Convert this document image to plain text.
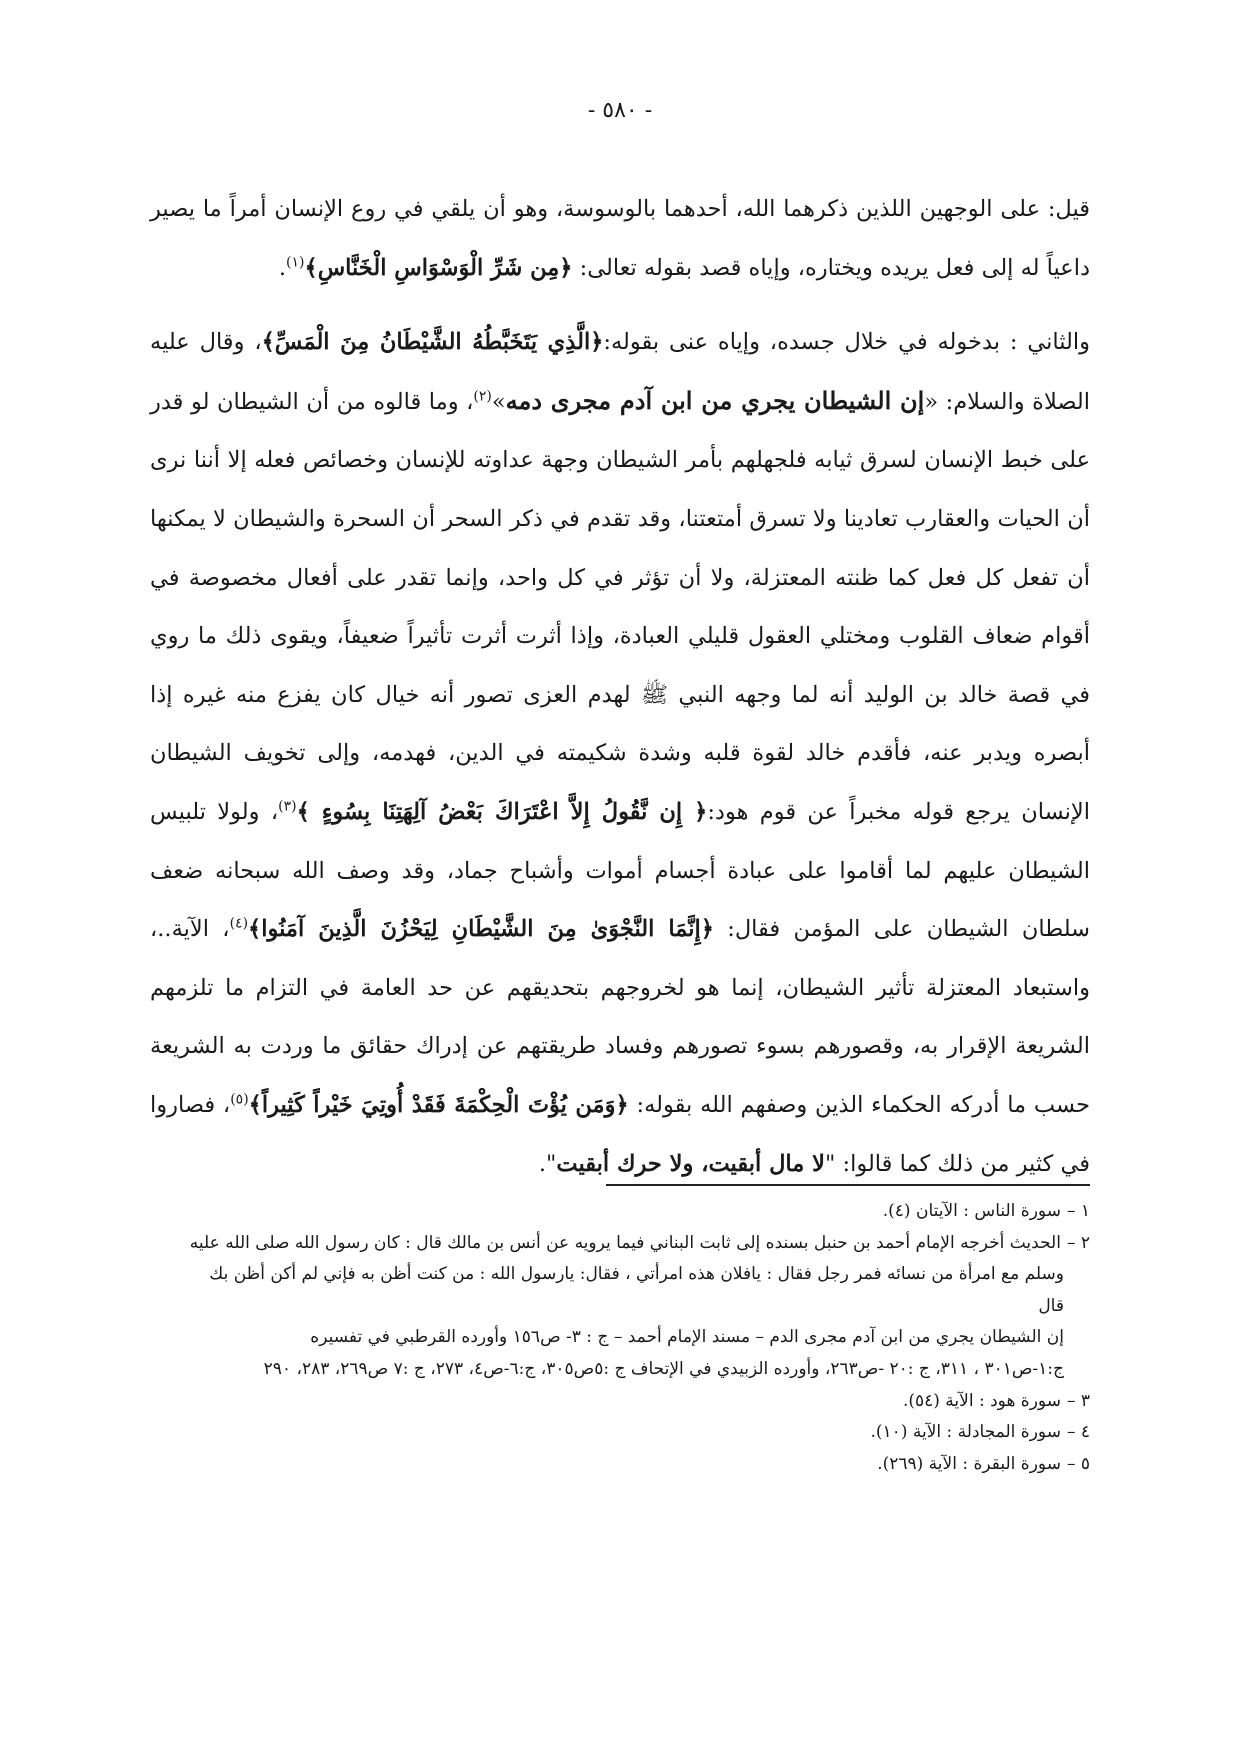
- ٥٨٠ -

قيل: على الوجهين اللذين ذكرهما الله، أحدهما بالوسوسة، وهو أن يلقي في روع الإنسان أمراً ما يصير داعياً له إلى فعل يريده ويختاره، وإياه قصد بقوله تعالى: ﴿مِن شَرِّ الْوَسْوَاسِ الْخَنَّاسِ﴾$^{(١)}$.

والثاني : بدخوله في خلال جسده، وإياه عنى بقوله:﴿الَّذِي يَتَخَبَّطُهُ الشَّيْطَانُ مِنَ الْمَسِّ﴾، وقال عليه الصلاة والسلام: «إن الشيطان يجري من ابن آدم مجرى دمه»$^{(٢)}$، وما قالوه من أن الشيطان لو قدر على خبط الإنسان لسرق ثيابه فلجهلهم بأمر الشيطان وجهة عداوته للإنسان وخصائص فعله إلا أننا نرى أن الحيات والعقارب تعادينا ولا تسرق أمتعتنا، وقد تقدم في ذكر السحر أن السحرة والشيطان لا يمكنها أن تفعل كل فعل كما ظنته المعتزلة، ولا أن تؤثر في كل واحد، وإنما تقدر على أفعال مخصوصة في أقوام ضعاف القلوب ومختلي العقول قليلي العبادة، وإذا أثرت أثرت تأثيراً ضعيفاً، ويقوى ذلك ما روي في قصة خالد بن الوليد أنه لما وجهه النبي ﷺ لهدم العزى تصور أنه خيال كان يفزع منه غيره إذا أبصره ويدبر عنه، فأقدم خالد لقوة قلبه وشدة شكيمته في الدين، فهدمه، وإلى تخويف الشيطان الإنسان يرجع قوله مخبراً عن قوم هود:﴿ إِن نَّقُولُ إِلاَّ اعْتَرَاكَ بَعْضُ آلِهَتِنَا بِسُوءٍ ﴾$^{(٣)}$، ولولا تلبيس الشيطان عليهم لما أقاموا على عبادة أجسام أموات وأشباح جماد، وقد وصف الله سبحانه ضعف سلطان الشيطان على المؤمن فقال: ﴿إِنَّمَا النَّجْوَىٰ مِنَ الشَّيْطَانِ لِيَحْزُنَ الَّذِينَ آمَنُوا﴾$^{(٤)}$، الآية..، واستبعاد المعتزلة تأثير الشيطان، إنما هو لخروجهم بتحديقهم عن حد العامة في التزام ما تلزمهم الشريعة الإقرار به، وقصورهم بسوء تصورهم وفساد طريقتهم عن إدراك حقائق ما وردت به الشريعة حسب ما أدركه الحكماء الذين وصفهم الله بقوله: ﴿وَمَن يُؤْتَ الْحِكْمَةَ فَقَدْ أُوتِيَ خَيْراً كَثِيراً﴾$^{(٥)}$، فصاروا في كثير من ذلك كما قالوا: "لا مال أبقيت، ولا حرك أبقيت".

١ –سورة الناس : الآيتان (٤).

٢ –الحديث أخرجه الإمام أحمد بن حنبل بسنده إلى ثابت البناني فيما يرويه عن أنس بن مالك قال : كان رسول الله صلى الله عليه

وسلم مع امرأة من نسائه فمر رجل فقال : يافلان هذه امرأتي ، فقال: يارسول الله : من كنت أظن به فإني لم أكن أظن بك قال

إن الشيطان يجري من ابن آدم مجرى الدم – مسند الإمام أحمد – ج : ٣- ص١٥٦ وأورده القرطبي في تفسيره

ج:١-ص٣٠١ ، ٣١١، ج :٢٠ -ص٢٦٣، وأورده الزبيدي في الإتحاف ج :٥ص٣٠٥، ج:٦-ص٤، ٢٧٣، ج :٧ ص٢٦٩، ٢٨٣، ٢٩٠

٣ –سورة هود : الآية (٥٤).

٤ –سورة المجادلة : الآية (١٠).

٥ –سورة البقرة : الآية (٢٦٩).
